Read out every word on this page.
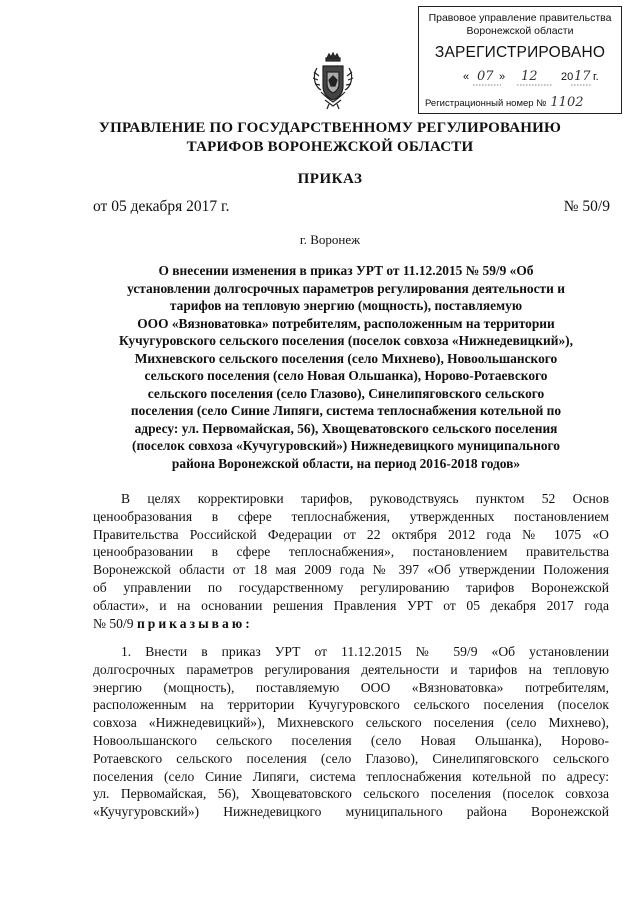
Правовое управление правительства
Воронежской области
ЗАРЕГИСТРИРОВАНО
« 07 » 12 20 17 г.
Регистрационный номер № 1102
УПРАВЛЕНИЕ ПО ГОСУДАРСТВЕННОМУ РЕГУЛИРОВАНИЮ
ТАРИФОВ ВОРОНЕЖСКОЙ ОБЛАСТИ
ПРИКАЗ
от 05 декабря 2017 г.	№ 50/9
г. Воронеж
О внесении изменения в приказ УРТ от 11.12.2015 № 59/9 «Об
установлении долгосрочных параметров регулирования деятельности и
тарифов на тепловую энергию (мощность), поставляемую
ООО «Вязноватовка» потребителям, расположенным на территории
Кучугуровского сельского поселения (поселок совхоза «Нижнедевицкий»),
Михневского сельского поселения (село Михнево), Новоольшанского
сельского поселения (село Новая Ольшанка), Норово-Ротаевского
сельского поселения (село Глазово), Синелипяговского сельского
поселения (село Синие Липяги, система теплоснабжения котельной по
адресу: ул. Первомайская, 56), Хвощеватовского сельского поселения
(поселок совхоза «Кучугуровский») Нижнедевицкого муниципального
района Воронежской области, на период 2016-2018 годов»
В целях корректировки тарифов, руководствуясь пунктом 52 Основ
ценообразования в сфере теплоснабжения, утвержденных постановлением
Правительства Российской Федерации от 22 октября 2012 года № 1075 «О
ценообразовании в сфере теплоснабжения», постановлением правительства
Воронежской области от 18 мая 2009 года № 397 «Об утверждении Положения
об управлении по государственному регулированию тарифов Воронежской
области», и на основании решения Правления УРТ от 05 декабря 2017 года
№ 50/9 приказываю:
1. Внести в приказ УРТ от 11.12.2015 № 59/9 «Об установлении
долгосрочных параметров регулирования деятельности и тарифов на тепловую
энергию (мощность), поставляемую ООО «Вязноватовка» потребителям,
расположенным на территории Кучугуровского сельского поселения (поселок
совхоза «Нижнедевицкий»), Михневского сельского поселения (село Михнево),
Новоольшанского сельского поселения (село Новая Ольшанка), Норово-
Ротаевского сельского поселения (село Глазово), Синелипяговского сельского
поселения (село Синие Липяги, система теплоснабжения котельной по адресу:
ул. Первомайская, 56), Хвощеватовского сельского поселения (поселок совхоза
«Кучугуровский») Нижнедевицкого муниципального района Воронежской
